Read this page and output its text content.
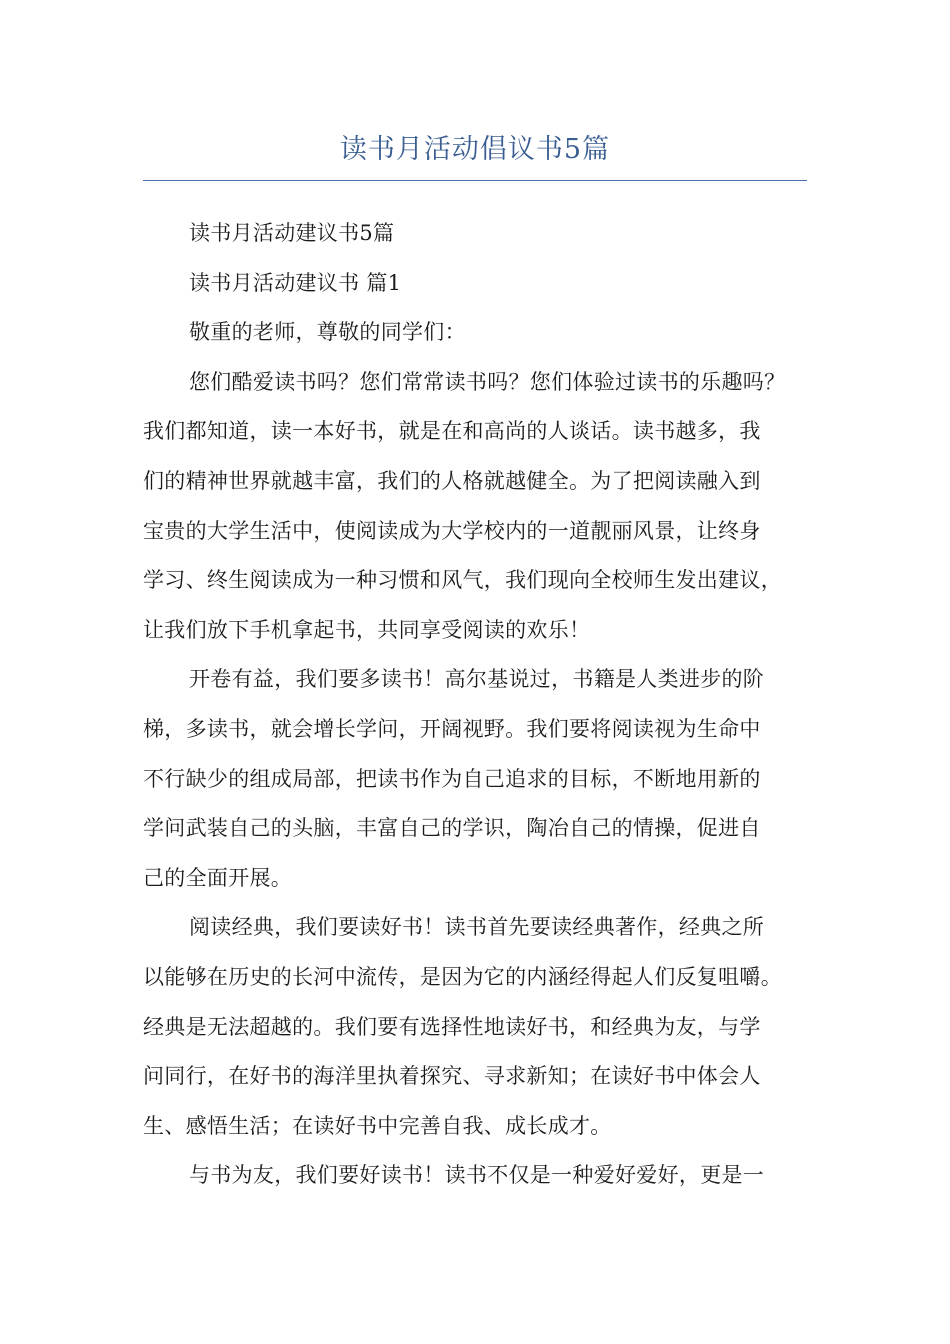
读书月活动倡议书5篇
读书月活动建议书5篇
读书月活动建议书 篇1
敬重的老师，尊敬的同学们：
您们酷爱读书吗？您们常常读书吗？您们体验过读书的乐趣吗？
我们都知道，读一本好书，就是在和高尚的人谈话。读书越多，我
们的精神世界就越丰富，我们的人格就越健全。为了把阅读融入到
宝贵的大学生活中，使阅读成为大学校内的一道靓丽风景，让终身
学习、终生阅读成为一种习惯和风气，我们现向全校师生发出建议，
让我们放下手机拿起书，共同享受阅读的欢乐！
开卷有益，我们要多读书！高尔基说过，书籍是人类进步的阶
梯，多读书，就会增长学问，开阔视野。我们要将阅读视为生命中
不行缺少的组成局部，把读书作为自己追求的目标，不断地用新的
学问武装自己的头脑，丰富自己的学识，陶冶自己的情操，促进自
己的全面开展。
阅读经典，我们要读好书！读书首先要读经典著作，经典之所
以能够在历史的长河中流传，是因为它的内涵经得起人们反复咀嚼。
经典是无法超越的。我们要有选择性地读好书，和经典为友，与学
问同行，在好书的海洋里执着探究、寻求新知；在读好书中体会人
生、感悟生活；在读好书中完善自我、成长成才。
与书为友，我们要好读书！读书不仅是一种爱好爱好，更是一
